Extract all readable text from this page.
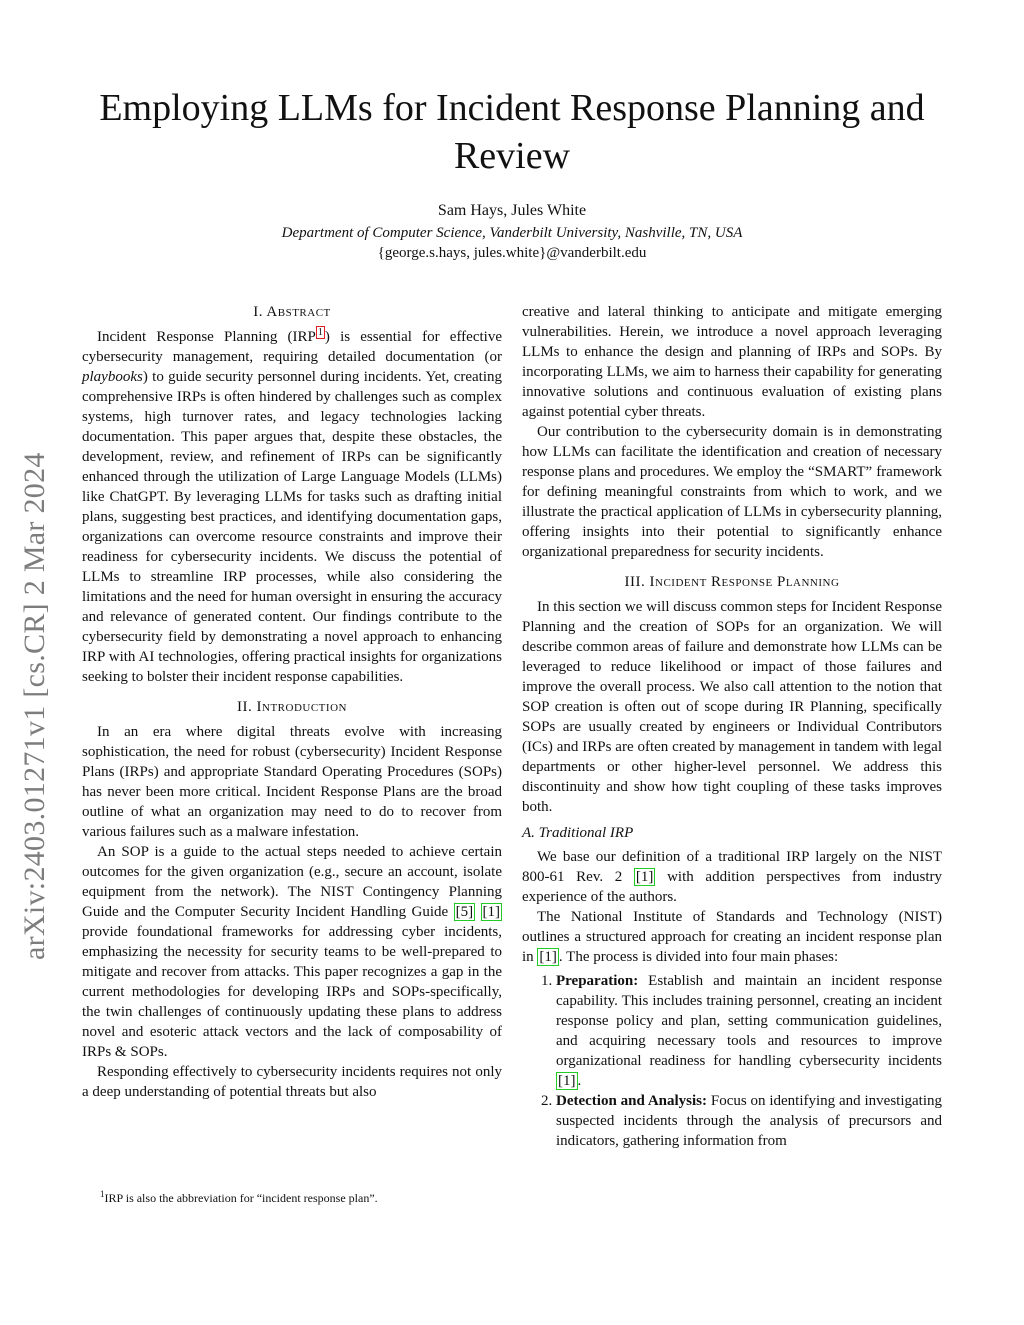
arXiv:2403.01271v1 [cs.CR] 2 Mar 2024
Employing LLMs for Incident Response Planning and Review
Sam Hays, Jules White
Department of Computer Science, Vanderbilt University, Nashville, TN, USA
{george.s.hays, jules.white}@vanderbilt.edu
I. Abstract

Incident Response Planning (IRP $^1$ ) is essential for effective cybersecurity management, requiring detailed documentation (or playbooks) to guide security personnel during incidents. Yet, creating comprehensive IRPs is often hindered by challenges such as complex systems, high turnover rates, and legacy technologies lacking documentation. This paper argues that, despite these obstacles, the development, review, and refinement of IRPs can be significantly enhanced through the utilization of Large Language Models (LLMs) like ChatGPT. By leveraging LLMs for tasks such as drafting initial plans, suggesting best practices, and identifying documentation gaps, organizations can overcome resource constraints and improve their readiness for cybersecurity incidents. We discuss the potential of LLMs to streamline IRP processes, while also considering the limitations and the need for human oversight in ensuring the accuracy and relevance of generated content. Our findings contribute to the cybersecurity field by demonstrating a novel approach to enhancing IRP with AI technologies, offering practical insights for organizations seeking to bolster their incident response capabilities.

II. Introduction

In an era where digital threats evolve with increasing sophistication, the need for robust (cybersecurity) Incident Response Plans (IRPs) and appropriate Standard Operating Procedures (SOPs) has never been more critical. Incident Response Plans are the broad outline of what an organization may need to do to recover from various failures such as a malware infestation.

An SOP is a guide to the actual steps needed to achieve certain outcomes for the given organization (e.g., secure an account, isolate equipment from the network). The NIST Contingency Planning Guide and the Computer Security Incident Handling Guide [5] [1] provide foundational frameworks for addressing cyber incidents, emphasizing the necessity for security teams to be well-prepared to mitigate and recover from attacks. This paper recognizes a gap in the current methodologies for developing IRPs and SOPs-specifically, the twin challenges of continuously updating these plans to address novel and esoteric attack vectors and the lack of composability of IRPs & SOPs.

Responding effectively to cybersecurity incidents requires not only a deep understanding of potential threats but also

creative and lateral thinking to anticipate and mitigate emerging vulnerabilities. Herein, we introduce a novel approach leveraging LLMs to enhance the design and planning of IRPs and SOPs. By incorporating LLMs, we aim to harness their capability for generating innovative solutions and continuous evaluation of existing plans against potential cyber threats.

Our contribution to the cybersecurity domain is in demonstrating how LLMs can facilitate the identification and creation of necessary response plans and procedures. We employ the “SMART” framework for defining meaningful constraints from which to work, and we illustrate the practical application of LLMs in cybersecurity planning, offering insights into their potential to significantly enhance organizational preparedness for security incidents.

III. Incident Response Planning

In this section we will discuss common steps for Incident Response Planning and the creation of SOPs for an organization. We will describe common areas of failure and demonstrate how LLMs can be leveraged to reduce likelihood or impact of those failures and improve the overall process. We also call attention to the notion that SOP creation is often out of scope during IR Planning, specifically SOPs are usually created by engineers or Individual Contributors (ICs) and IRPs are often created by management in tandem with legal departments or other higher-level personnel. We address this discontinuity and show how tight coupling of these tasks improves both.

A. Traditional IRP

We base our definition of a traditional IRP largely on the NIST 800-61 Rev. 2 [1] with addition perspectives from industry experience of the authors.

The National Institute of Standards and Technology (NIST) outlines a structured approach for creating an incident response plan in [1] . The process is divided into four main phases:

1. Preparation: Establish and maintain an incident response capability. This includes training personnel, creating an incident response policy and plan, setting communication guidelines, and acquiring necessary tools and resources to improve organizational readiness for handling cybersecurity incidents [1] .
2. Detection and Analysis: Focus on identifying and investigating suspected incidents through the analysis of precursors and indicators, gathering information from
$^1$IRP is also the abbreviation for “incident response plan”.
